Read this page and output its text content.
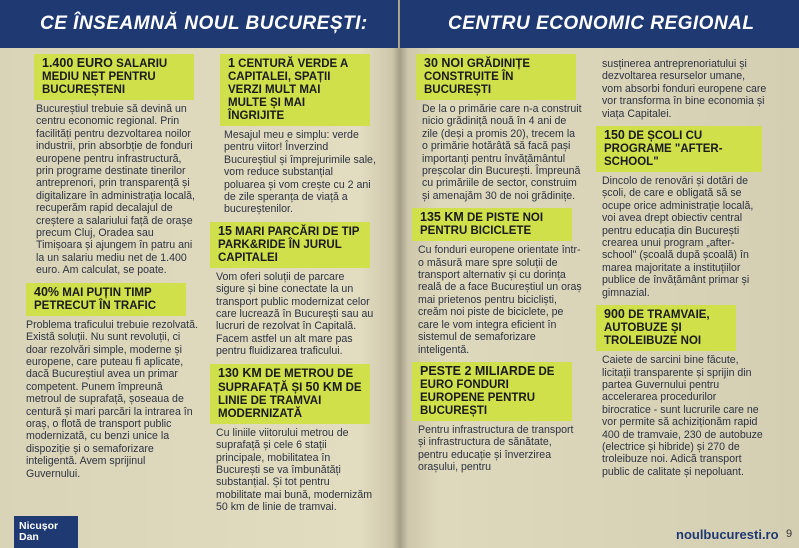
CE ÎNSEAMNĂ NOUL BUCUREȘTI:	CENTRU ECONOMIC REGIONAL
1.400 EURO SALARIU MEDIU NET PENTRU BUCUREȘTENI
Bucureștiul trebuie să devină un centru economic regional. Prin facilități pentru dezvoltarea noilor industrii, prin absorbție de fonduri europene pentru infrastructură, prin programe destinate tinerilor antreprenori, prin transparență și digitalizare în administrația locală, recuperăm rapid decalajul de creștere a salariului față de orașe precum Cluj, Oradea sau Timișoara și ajungem în patru ani la un salariu mediu net de 1.400 euro. Am calculat, se poate.
40% MAI PUȚIN TIMP PETRECUT ÎN TRAFIC
Problema traficului trebuie rezolvată. Există soluții. Nu sunt revoluții, ci doar rezolvări simple, moderne și europene, care puteau fi aplicate, dacă Bucureștiul avea un primar competent. Punem împreună metroul de suprafață, șoseaua de centură și mari parcări la intrarea în oraș, o flotă de transport public modernizată, cu benzi unice la dispoziție și o semaforizare inteligentă. Avem sprijinul Guvernului.
1 CENTURĂ VERDE A CAPITALEI, SPAȚII VERZI MULT MAI MULTE ȘI MAI ÎNGRIJITE
Mesajul meu e simplu: verde pentru viitor! Înverzind Bucureștiul și împrejurimile sale, vom reduce substanțial poluarea și vom crește cu 2 ani de zile speranța de viață a bucureștenilor.
15 MARI PARCĂRI DE TIP PARK&RIDE ÎN JURUL CAPITALEI
Vom oferi soluții de parcare sigure și bine conectate la un transport public modernizat celor care lucrează în București sau au lucruri de rezolvat în Capitală. Facem astfel un alt mare pas pentru fluidizarea traficului.
130 KM DE METROU DE SUPRAFAȚĂ ȘI 50 KM DE LINIE DE TRAMVAI MODERNIZATĂ
Cu liniile viitorului metrou de suprafață și cele 6 stații principale, mobilitatea în București se va îmbunătăți substanțial. Și tot pentru mobilitate mai bună, modernizăm 50 km de linie de tramvai.
30 NOI GRĂDINIȚE CONSTRUITE ÎN BUCUREȘTI
De la o primărie care n-a construit nicio grădiniță nouă în 4 ani de zile (deși a promis 20), trecem la o primărie hotărâtă să facă pași importanți pentru învățământul preșcolar din București. Împreună cu primăriile de sector, construim și amenajăm 30 de noi grădinițe.
135 KM DE PISTE NOI PENTRU BICICLETE
Cu fonduri europene orientate într-o măsură mare spre soluții de transport alternativ și cu dorința reală de a face Bucureștiul un oraș mai prietenos pentru bicicliști, creăm noi piste de biciclete, pe care le vom integra eficient în sistemul de semaforizare inteligentă.
PESTE 2 MILIARDE DE EURO FONDURI EUROPENE PENTRU BUCUREȘTI
Pentru infrastructura de transport și infrastructura de sănătate, pentru educație și înverzirea orașului, pentru
susținerea antreprenoriatului și dezvoltarea resurselor umane, vom absorbi fonduri europene care vor transforma în bine economia și viața Capitalei.
150 DE ȘCOLI CU PROGRAME "AFTER-SCHOOL"
Dincolo de renovări și dotări de școli, de care e obligată să se ocupe orice administrație locală, voi avea drept obiectiv central pentru educația din București crearea unui program „after-school" (școală după școală) în marea majoritate a instituțiilor publice de învățământ primar și gimnazial.
900 DE TRAMVAIE, AUTOBUZE ȘI TROLEIBUZE NOI
Caiete de sarcini bine făcute, licitații transparente și sprijin din partea Guvernului pentru accelerarea procedurilor birocratice - sunt lucrurile care ne vor permite să achiziționăm rapid 400 de tramvaie, 230 de autobuze (electrice și hibride) și 270 de troleibuze noi. Adică transport public de calitate și nepoluant.
Nicușor Dan	noulbucuresti.ro 9
